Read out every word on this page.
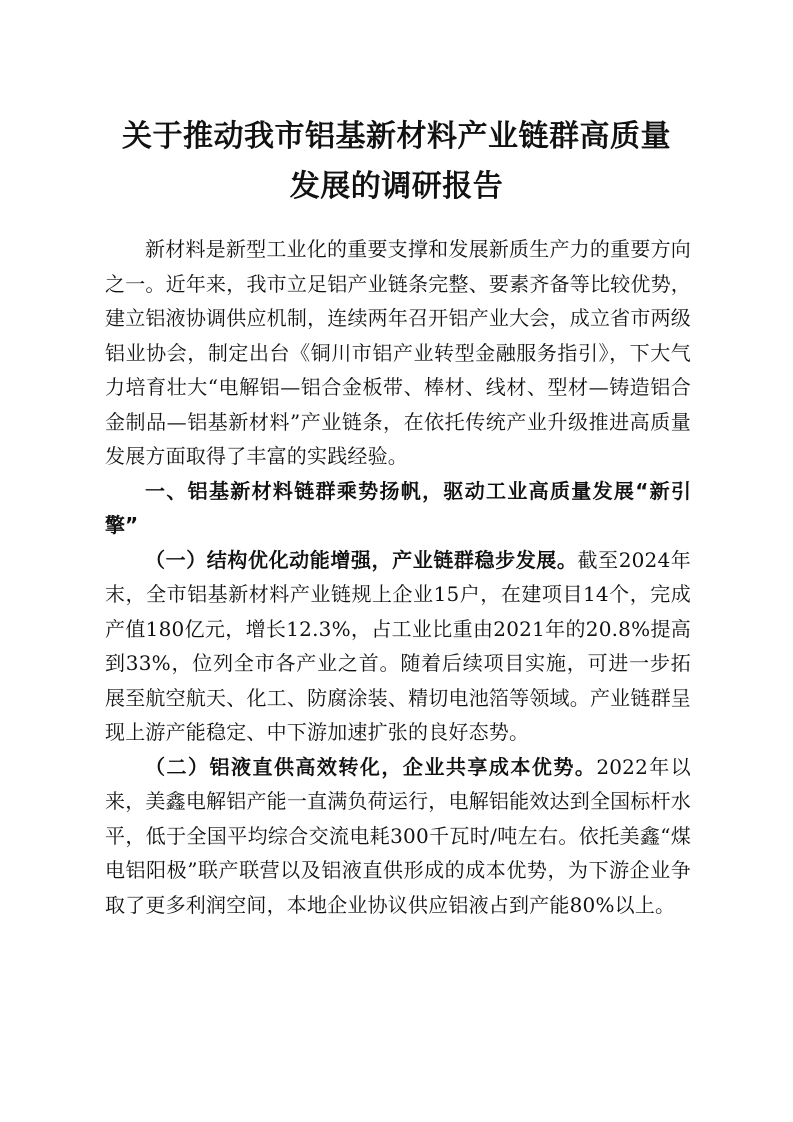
关于推动我市铝基新材料产业链群高质量
发展的调研报告

新材料是新型工业化的重要支撑和发展新质生产力的重要方向之一。近年来，我市立足铝产业链条完整、要素齐备等比较优势，建立铝液协调供应机制，连续两年召开铝产业大会，成立省市两级铝业协会，制定出台《铜川市铝产业转型金融服务指引》，下大气力培育壮大“电解铝—铝合金板带、棒材、线材、型材—铸造铝合金制品—铝基新材料”产业链条，在依托传统产业升级推进高质量发展方面取得了丰富的实践经验。

一、铝基新材料链群乘势扬帆，驱动工业高质量发展“新引擎”

（一）结构优化动能增强，产业链群稳步发展。截至2024年末，全市铝基新材料产业链规上企业15户，在建项目14个，完成产值180亿元，增长12.3%，占工业比重由2021年的20.8%提高到33%，位列全市各产业之首。随着后续项目实施，可进一步拓展至航空航天、化工、防腐涂装、精切电池箔等领域。产业链群呈现上游产能稳定、中下游加速扩张的良好态势。

（二）铝液直供高效转化，企业共享成本优势。2022年以来，美鑫电解铝产能一直满负荷运行，电解铝能效达到全国标杆水平，低于全国平均综合交流电耗300千瓦时/吨左右。依托美鑫“煤电铝阳极”联产联营以及铝液直供形成的成本优势，为下游企业争取了更多利润空间，本地企业协议供应铝液占到产能80%以上。
